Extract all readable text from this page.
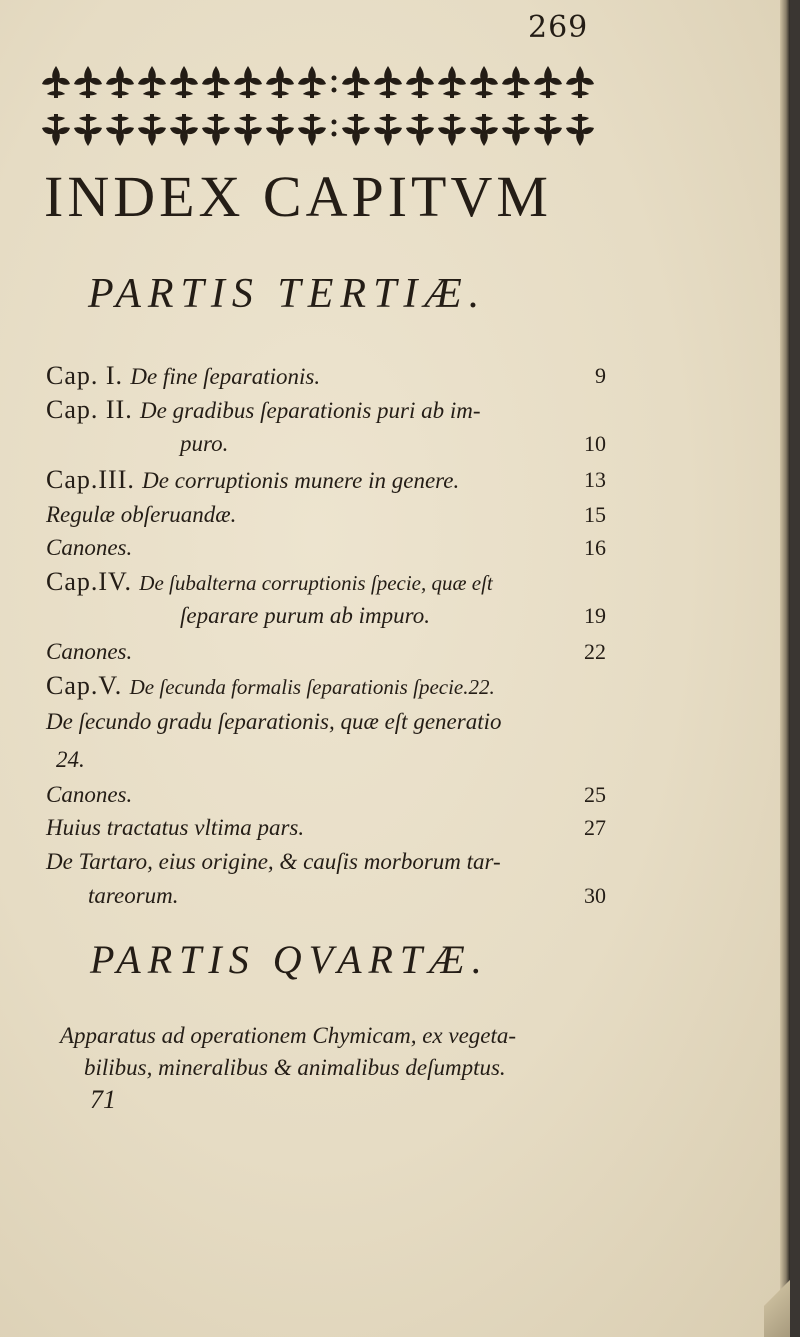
269
INDEX CAPITVM
PARTIS TERTIÆ.
Cap. I. De fine ſeparationis.	9
Cap. II. De gradibus ſeparationis puri ab im-
puro.	10
Cap.III. De corruptionis munere in genere.	13
Regulæ obſeruandæ.	15
Canones.	16
Cap.IV. De ſubalterna corruptionis ſpecie, quæ eſt
ſeparare purum ab impuro.	19
Canones.	22
Cap.V. De ſecunda formalis ſeparationis ſpecie.22.
De ſecundo gradu ſeparationis, quæ eſt generatio
24.
Canones.	25
Huius tractatus vltima pars.	27
De Tartaro, eius origine, & cauſis morborum tar-
tareorum.	30
PARTIS QVARTÆ.
Apparatus ad operationem Chymicam, ex vegeta-
bilibus, mineralibus & animalibus deſumptus.
71
